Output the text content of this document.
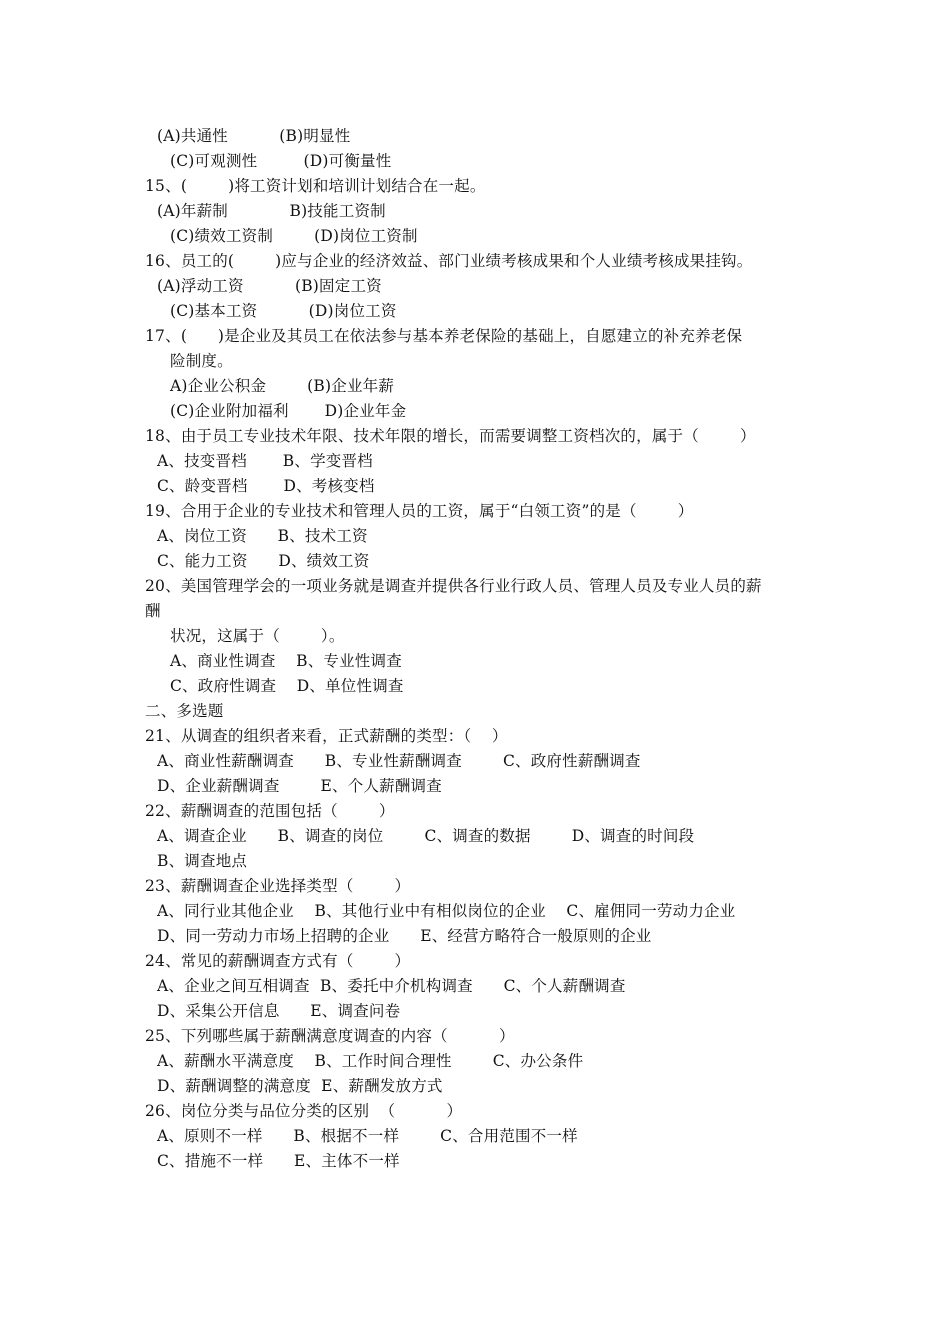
(A)共通性          (B)明显性
(C)可观测性         (D)可衡量性
15、(        )将工资计划和培训计划结合在一起。
(A)年薪制            B)技能工资制
(C)绩效工资制        (D)岗位工资制
16、员工的(        )应与企业的经济效益、部门业绩考核成果和个人业绩考核成果挂钩。
(A)浮动工资          (B)固定工资
(C)基本工资          (D)岗位工资
17、(      )是企业及其员工在依法参与基本养老保险的基础上，自愿建立的补充养老保
险制度。
A)企业公积金        (B)企业年薪
(C)企业附加福利       D)企业年金
18、由于员工专业技术年限、技术年限的增长，而需要调整工资档次的，属于（        ）
A、技变晋档       B、学变晋档
C、龄变晋档       D、考核变档
19、合用于企业的专业技术和管理人员的工资，属于“白领工资”的是（        ）
A、岗位工资      B、技术工资
C、能力工资      D、绩效工资
20、美国管理学会的一项业务就是调查并提供各行业行政人员、管理人员及专业人员的薪
酬
状况，这属于（        ）。
A、商业性调查    B、专业性调查
C、政府性调查    D、单位性调查
二、多选题
21、从调查的组织者来看，正式薪酬的类型：（    ）
A、商业性薪酬调查      B、专业性薪酬调查        C、政府性薪酬调查
D、企业薪酬调查        E、个人薪酬调查
22、薪酬调查的范围包括（        ）
A、调查企业      B、调查的岗位        C、调查的数据        D、调查的时间段
B、调查地点
23、薪酬调查企业选择类型（        ）
A、同行业其他企业    B、其他行业中有相似岗位的企业    C、雇佣同一劳动力企业
D、同一劳动力市场上招聘的企业      E、经营方略符合一般原则的企业
24、常见的薪酬调查方式有（        ）
A、企业之间互相调查  B、委托中介机构调查      C、个人薪酬调查
D、采集公开信息      E、调查问卷
25、下列哪些属于薪酬满意度调查的内容（          ）
A、薪酬水平满意度    B、工作时间合理性        C、办公条件
D、薪酬调整的满意度  E、薪酬发放方式
26、岗位分类与品位分类的区别  （          ）
A、原则不一样      B、根据不一样        C、合用范围不一样
C、措施不一样      E、主体不一样
